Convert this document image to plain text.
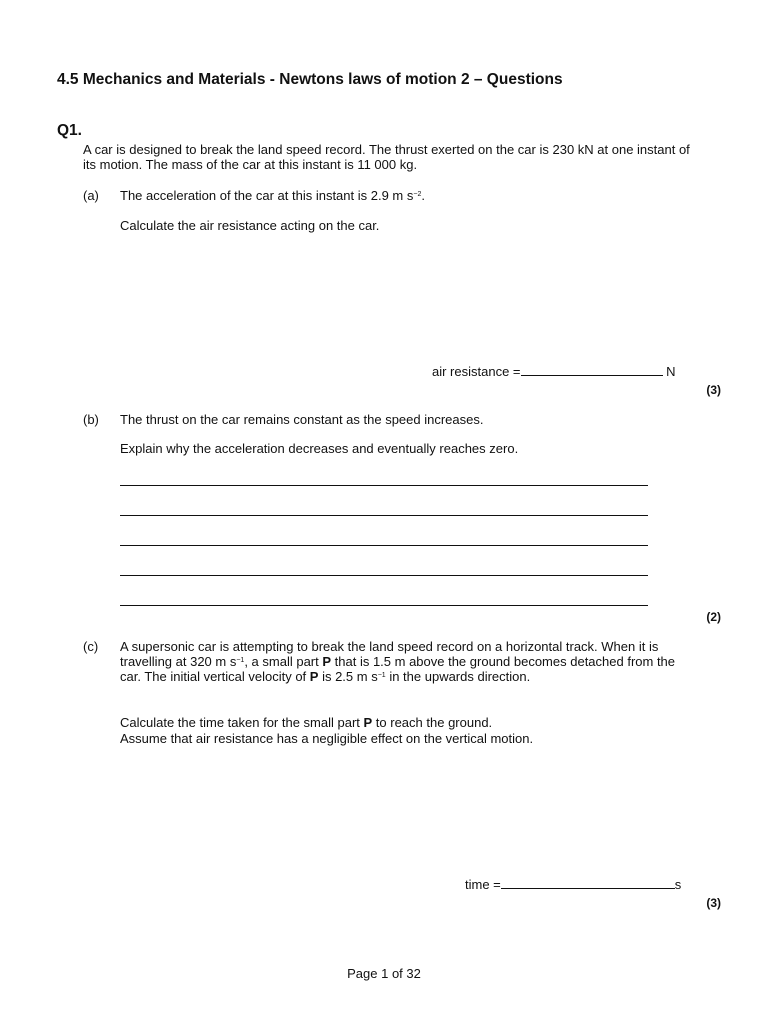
4.5 Mechanics and Materials - Newtons laws of motion 2 – Questions
Q1.
A car is designed to break the land speed record. The thrust exerted on the car is 230 kN at one instant of its motion. The mass of the car at this instant is 11 000 kg.
(a) The acceleration of the car at this instant is 2.9 m $s^{-2}$.
Calculate the air resistance acting on the car.
air resistance =	N
(3)
(b) The thrust on the car remains constant as the speed increases.
Explain why the acceleration decreases and eventually reaches zero.
(2)
(c) A supersonic car is attempting to break the land speed record on a horizontal track. When it is travelling at 320 m $s^{-1}$, a small part P that is 1.5 m above the ground becomes detached from the car. The initial vertical velocity of P is 2.5 m $s^{-1}$ in the upwards direction.
Calculate the time taken for the small part P to reach the ground.
Assume that air resistance has a negligible effect on the vertical motion.
time =	s
(3)
Page 1 of 32
